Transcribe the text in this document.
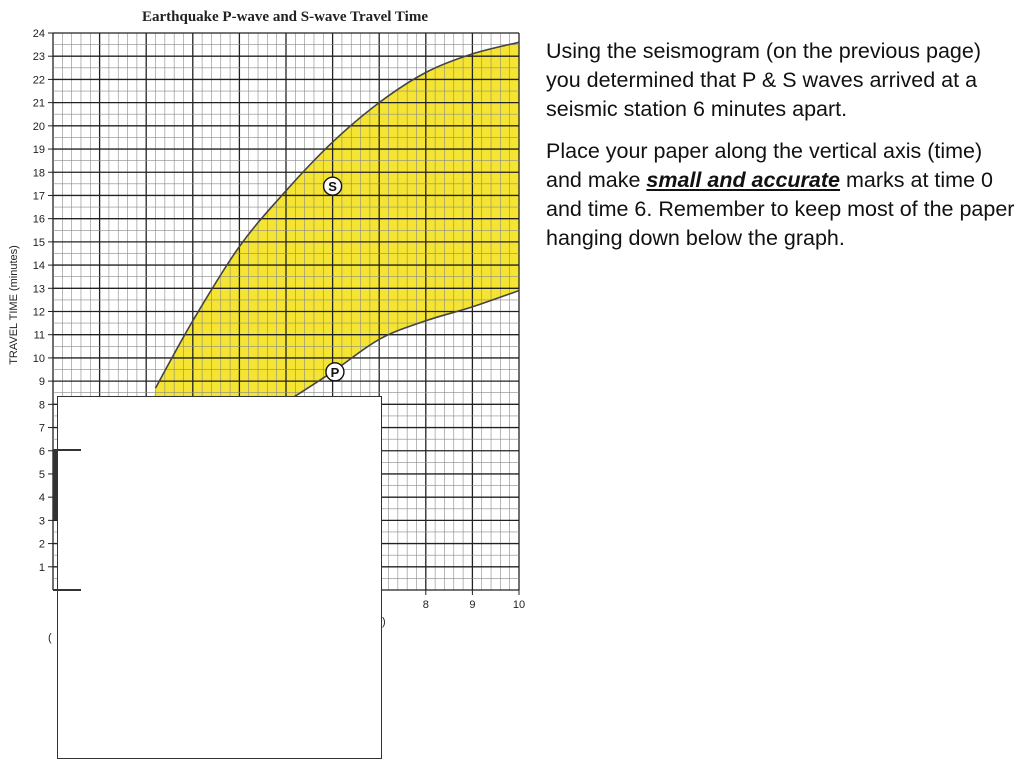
Earthquake P-wave and S-wave Travel Time
1
2
3
4
5
6
7
8
9
10
11
12
13
14
15
16
17
18
19
20
21
22
23
24
8	9	10
TRAVEL TIME (minutes)
S
P
)
(

Using the seismogram (on the previous page) you determined that P & S waves arrived at a seismic station 6 minutes apart.

Place your paper along the vertical axis (time) and make small and accurate marks at time 0 and time 6. Remember to keep most of the paper hanging down below the graph.
